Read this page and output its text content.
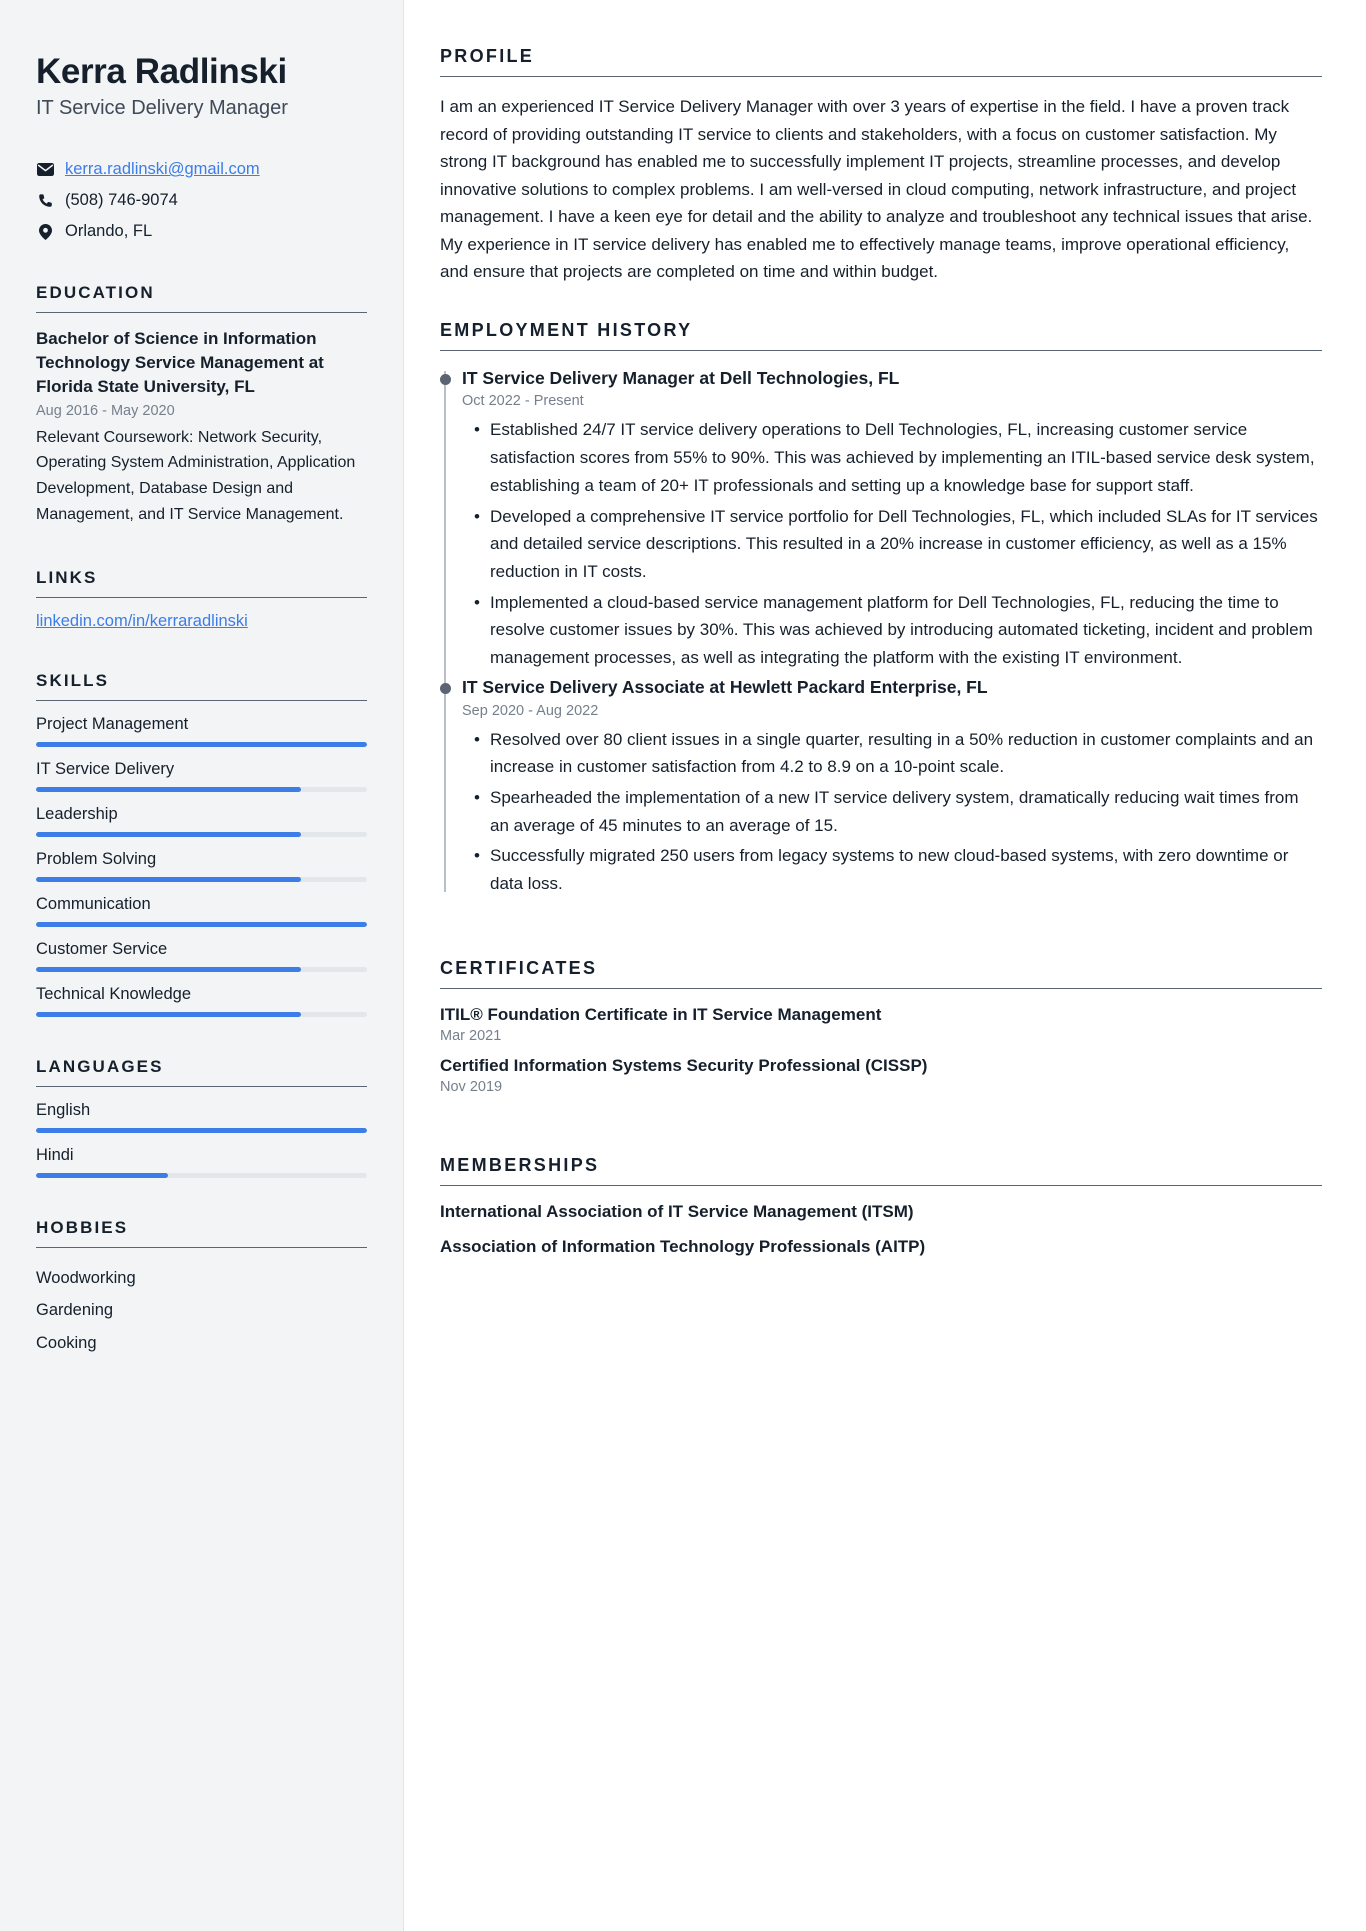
Kerra Radlinski
IT Service Delivery Manager
kerra.radlinski@gmail.com
(508) 746-9074
Orlando, FL
EDUCATION
Bachelor of Science in Information Technology Service Management at Florida State University, FL
Aug 2016 - May 2020
Relevant Coursework: Network Security, Operating System Administration, Application Development, Database Design and Management, and IT Service Management.
LINKS
linkedin.com/in/kerraradlinski
SKILLS
Project Management
IT Service Delivery
Leadership
Problem Solving
Communication
Customer Service
Technical Knowledge
LANGUAGES
English
Hindi
HOBBIES
Woodworking
Gardening
Cooking
PROFILE

I am an experienced IT Service Delivery Manager with over 3 years of expertise in the field. I have a proven track record of providing outstanding IT service to clients and stakeholders, with a focus on customer satisfaction. My strong IT background has enabled me to successfully implement IT projects, streamline processes, and develop innovative solutions to complex problems. I am well-versed in cloud computing, network infrastructure, and project management. I have a keen eye for detail and the ability to analyze and troubleshoot any technical issues that arise. My experience in IT service delivery has enabled me to effectively manage teams, improve operational efficiency, and ensure that projects are completed on time and within budget.

EMPLOYMENT HISTORY
IT Service Delivery Manager at Dell Technologies, FL
Oct 2022 - Present
• Established 24/7 IT service delivery operations to Dell Technologies, FL, increasing customer service satisfaction scores from 55% to 90%. This was achieved by implementing an ITIL-based service desk system, establishing a team of 20+ IT professionals and setting up a knowledge base for support staff.
• Developed a comprehensive IT service portfolio for Dell Technologies, FL, which included SLAs for IT services and detailed service descriptions. This resulted in a 20% increase in customer efficiency, as well as a 15% reduction in IT costs.
• Implemented a cloud-based service management platform for Dell Technologies, FL, reducing the time to resolve customer issues by 30%. This was achieved by introducing automated ticketing, incident and problem management processes, as well as integrating the platform with the existing IT environment.
IT Service Delivery Associate at Hewlett Packard Enterprise, FL
Sep 2020 - Aug 2022
• Resolved over 80 client issues in a single quarter, resulting in a 50% reduction in customer complaints and an increase in customer satisfaction from 4.2 to 8.9 on a 10-point scale.
• Spearheaded the implementation of a new IT service delivery system, dramatically reducing wait times from an average of 45 minutes to an average of 15.
• Successfully migrated 250 users from legacy systems to new cloud-based systems, with zero downtime or data loss.
CERTIFICATES
ITIL® Foundation Certificate in IT Service Management
Mar 2021
Certified Information Systems Security Professional (CISSP)
Nov 2019
MEMBERSHIPS
International Association of IT Service Management (ITSM)
Association of Information Technology Professionals (AITP)
